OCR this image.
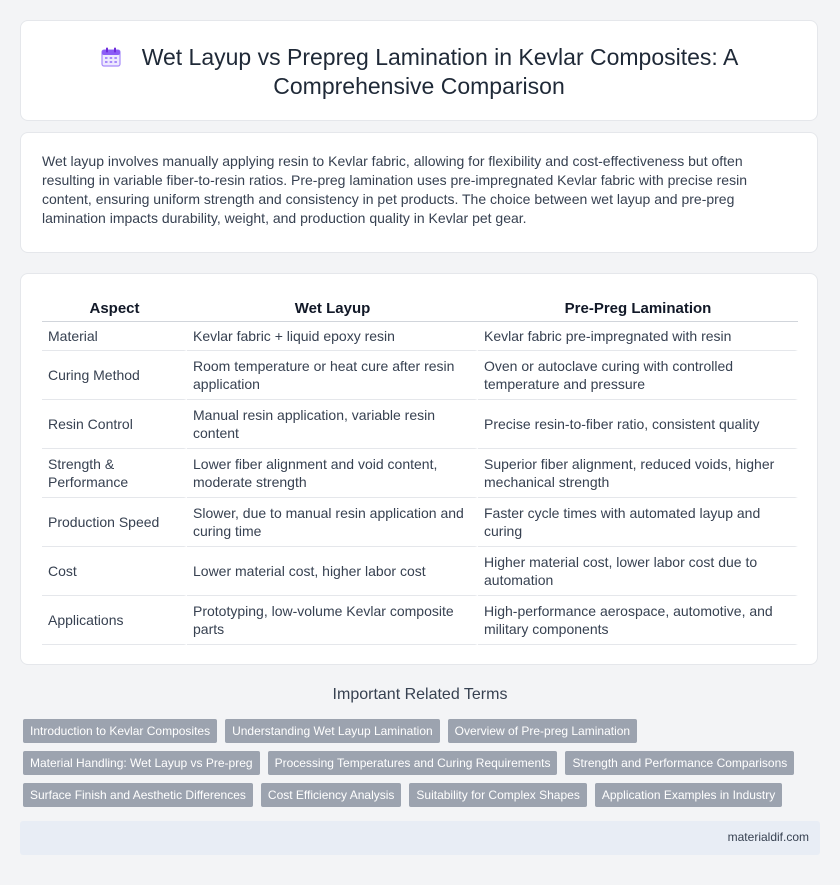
Wet Layup vs Prepreg Lamination in Kevlar Composites: A
Comprehensive Comparison
Wet layup involves manually applying resin to Kevlar fabric, allowing for flexibility and cost-effectiveness but often resulting in variable fiber-to-resin ratios. Pre-preg lamination uses pre-impregnated Kevlar fabric with precise resin content, ensuring uniform strength and consistency in pet products. The choice between wet layup and pre-preg lamination impacts durability, weight, and production quality in Kevlar pet gear.
Aspect	Wet Layup	Pre-Preg Lamination
Material	Kevlar fabric + liquid epoxy resin	Kevlar fabric pre-impregnated with resin
Curing Method	Room temperature or heat cure after resin application	Oven or autoclave curing with controlled temperature and pressure
Resin Control	Manual resin application, variable resin content	Precise resin-to-fiber ratio, consistent quality
Strength & Performance	Lower fiber alignment and void content, moderate strength	Superior fiber alignment, reduced voids, higher mechanical strength
Production Speed	Slower, due to manual resin application and curing time	Faster cycle times with automated layup and curing
Cost	Lower material cost, higher labor cost	Higher material cost, lower labor cost due to automation
Applications	Prototyping, low-volume Kevlar composite parts	High-performance aerospace, automotive, and military components
Important Related Terms
Introduction to Kevlar Composites	Understanding Wet Layup Lamination	Overview of Pre-preg Lamination
Material Handling: Wet Layup vs Pre-preg	Processing Temperatures and Curing Requirements	Strength and Performance Comparisons
Surface Finish and Aesthetic Differences	Cost Efficiency Analysis	Suitability for Complex Shapes	Application Examples in Industry
materialdif.com
